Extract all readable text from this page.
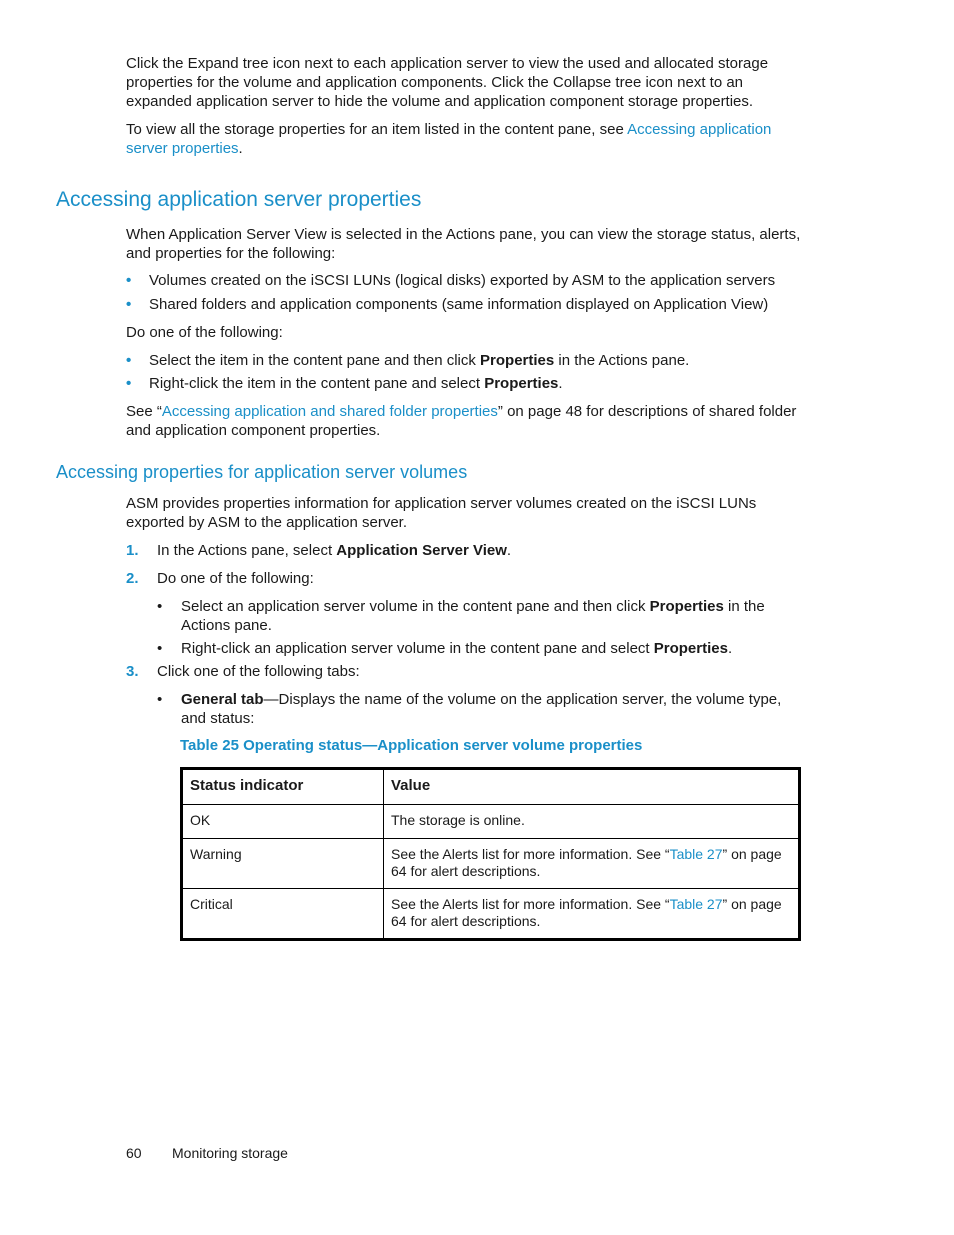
Click the Expand tree icon next to each application server to view the used and allocated storage properties for the volume and application components. Click the Collapse tree icon next to an expanded application server to hide the volume and application component storage properties.

To view all the storage properties for an item listed in the content pane, see Accessing application server properties.

Accessing application server properties

When Application Server View is selected in the Actions pane, you can view the storage status, alerts, and properties for the following:

• Volumes created on the iSCSI LUNs (logical disks) exported by ASM to the application servers
• Shared folders and application components (same information displayed on Application View)

Do one of the following:

• Select the item in the content pane and then click Properties in the Actions pane.
• Right-click the item in the content pane and select Properties.

See “Accessing application and shared folder properties” on page 48 for descriptions of shared folder and application component properties.

Accessing properties for application server volumes

ASM provides properties information for application server volumes created on the iSCSI LUNs exported by ASM to the application server.

1. In the Actions pane, select Application Server View.
2. Do one of the following:
• Select an application server volume in the content pane and then click Properties in the Actions pane.
• Right-click an application server volume in the content pane and select Properties.
3. Click one of the following tabs:
• General tab—Displays the name of the volume on the application server, the volume type, and status:

Table 25 Operating status—Application server volume properties

Status indicator	Value
OK	The storage is online.
Warning	See the Alerts list for more information. See “Table 27” on page 64 for alert descriptions.
Critical	See the Alerts list for more information. See “Table 27” on page 64 for alert descriptions.
60 Monitoring storage
